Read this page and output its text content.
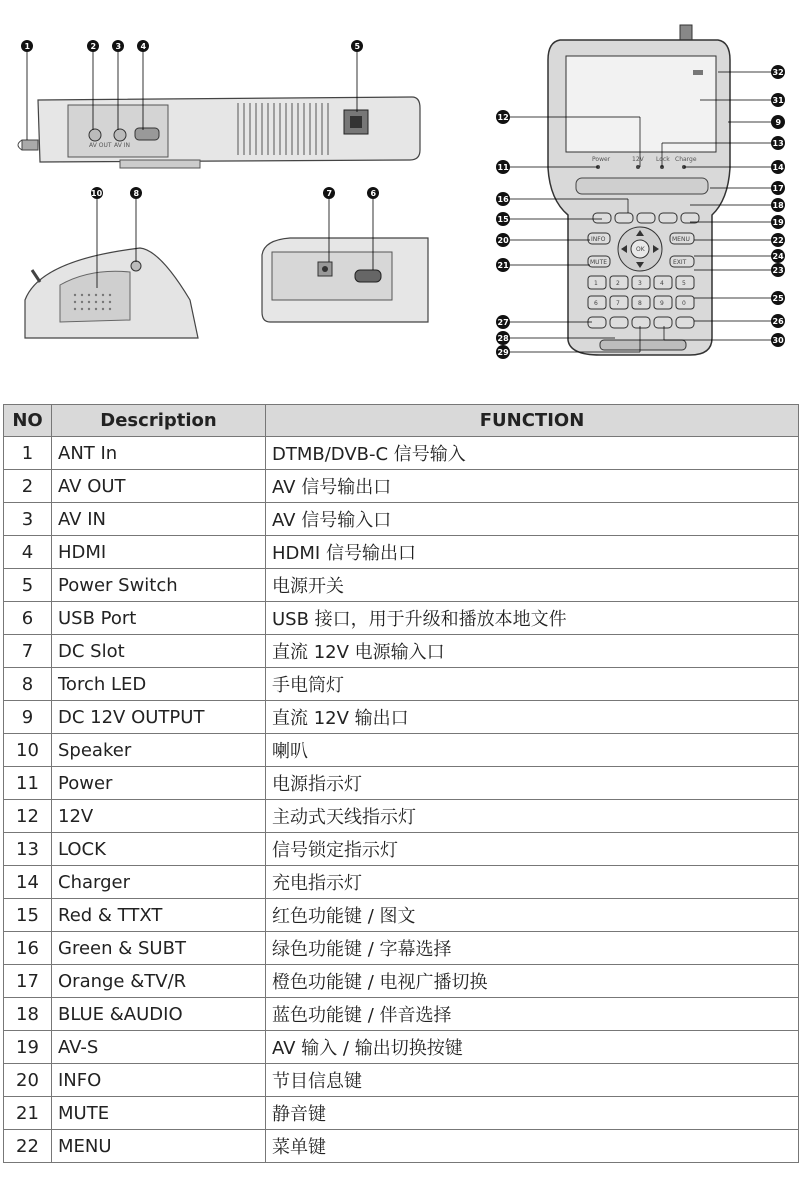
AV OUT AV IN
1	2 3 4	5
10	8	7	6
Power	12V Lock Charge
INFO	MENU
MUTE	EXIT
OK
1	2	3	4	5
6	7	8	9	0
12
11
16
15
20
21
27
28
29
32
31
9
13
14
17
18
19
22
24
23
25
26
30
NO	Description	FUNCTION
1	ANT In	DTMB/DVB-C 信号输入
2	AV OUT	AV 信号输出口
3	AV IN	AV 信号输入口
4	HDMI	HDMI 信号输出口
5	Power Switch	电源开关
6	USB Port	USB 接口，用于升级和播放本地文件
7	DC Slot	直流 12V 电源输入口
8	Torch LED	手电筒灯
9	DC 12V OUTPUT	直流 12V 输出口
10	Speaker	喇叭
11	Power	电源指示灯
12	12V	主动式天线指示灯
13	LOCK	信号锁定指示灯
14	Charger	充电指示灯
15	Red & TTXT	红色功能键 / 图文
16	Green & SUBT	绿色功能键 / 字幕选择
17	Orange &TV/R	橙色功能键 / 电视广播切换
18	BLUE &AUDIO	蓝色功能键 / 伴音选择
19	AV-S	AV 输入 / 输出切换按键
20	INFO	节目信息键
21	MUTE	静音键
22	MENU	菜单键
